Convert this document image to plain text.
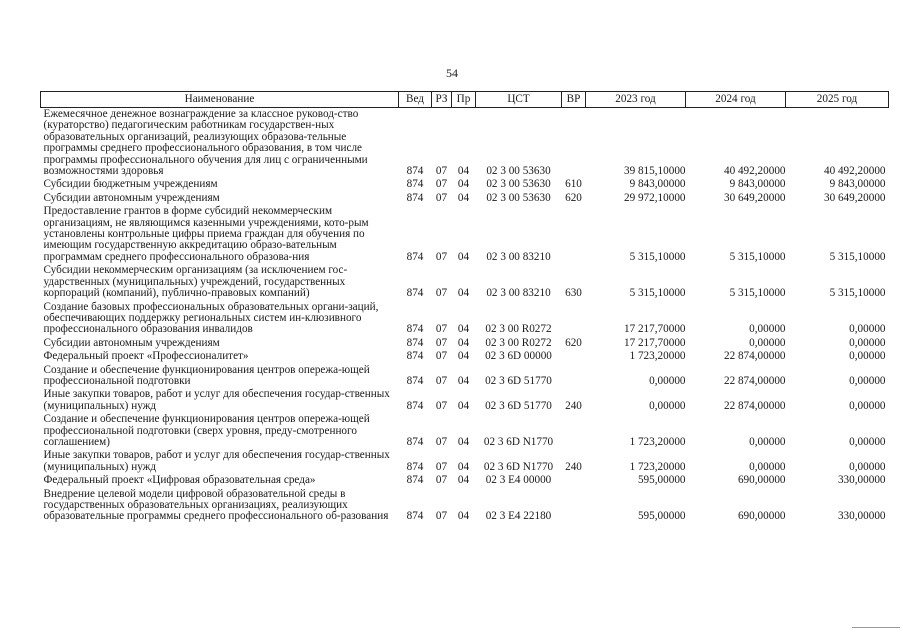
54
Наименование	Вед	РЗ	Пр	ЦСТ	ВР	2023 год	2024 год	2025 год
Ежемесячное денежное вознаграждение за классное руковод-ство (кураторство) педагогическим работникам государствен-ных образовательных организаций, реализующих образова-тельные программы среднего профессионального образования, в том числе программы профессионального обучения для лиц с ограниченными возможностями здоровья	874	07	04	02 3 00 53630		39 815,10000	40 492,20000	40 492,20000
Субсидии бюджетным учреждениям	874	07	04	02 3 00 53630	610	9 843,00000	9 843,00000	9 843,00000
Субсидии автономным учреждениям	874	07	04	02 3 00 53630	620	29 972,10000	30 649,20000	30 649,20000
Предоставление грантов в форме субсидий некоммерческим организациям, не являющимся казенными учреждениями, кото-рым установлены контрольные цифры приема граждан для обучения по имеющим государственную аккредитацию образо-вательным программам среднего профессионального образова-ния	874	07	04	02 3 00 83210		5 315,10000	5 315,10000	5 315,10000
Субсидии некоммерческим организациям (за исключением гос-ударственных (муниципальных) учреждений, государственных корпораций (компаний), публично-правовых компаний)	874	07	04	02 3 00 83210	630	5 315,10000	5 315,10000	5 315,10000
Создание базовых профессиональных образовательных органи-заций, обеспечивающих поддержку региональных систем ин-клюзивного профессионального образования инвалидов	874	07	04	02 3 00 R0272		17 217,70000	0,00000	0,00000
Субсидии автономным учреждениям	874	07	04	02 3 00 R0272	620	17 217,70000	0,00000	0,00000
Федеральный проект «Профессионалитет»	874	07	04	02 3 6D 00000		1 723,20000	22 874,00000	0,00000
Создание и обеспечение функционирования центров опережа-ющей профессиональной подготовки	874	07	04	02 3 6D 51770		0,00000	22 874,00000	0,00000
Иные закупки товаров, работ и услуг для обеспечения государ-ственных (муниципальных) нужд	874	07	04	02 3 6D 51770	240	0,00000	22 874,00000	0,00000
Создание и обеспечение функционирования центров опережа-ющей профессиональной подготовки (сверх уровня, преду-смотренного соглашением)	874	07	04	02 3 6D N1770		1 723,20000	0,00000	0,00000
Иные закупки товаров, работ и услуг для обеспечения государ-ственных (муниципальных) нужд	874	07	04	02 3 6D N1770	240	1 723,20000	0,00000	0,00000
Федеральный проект «Цифровая образовательная среда»	874	07	04	02 3 E4 00000		595,00000	690,00000	330,00000
Внедрение целевой модели цифровой образовательной среды в государственных образовательных организациях, реализующих образовательные программы среднего профессионального об-разования	874	07	04	02 3 E4 22180		595,00000	690,00000	330,00000
